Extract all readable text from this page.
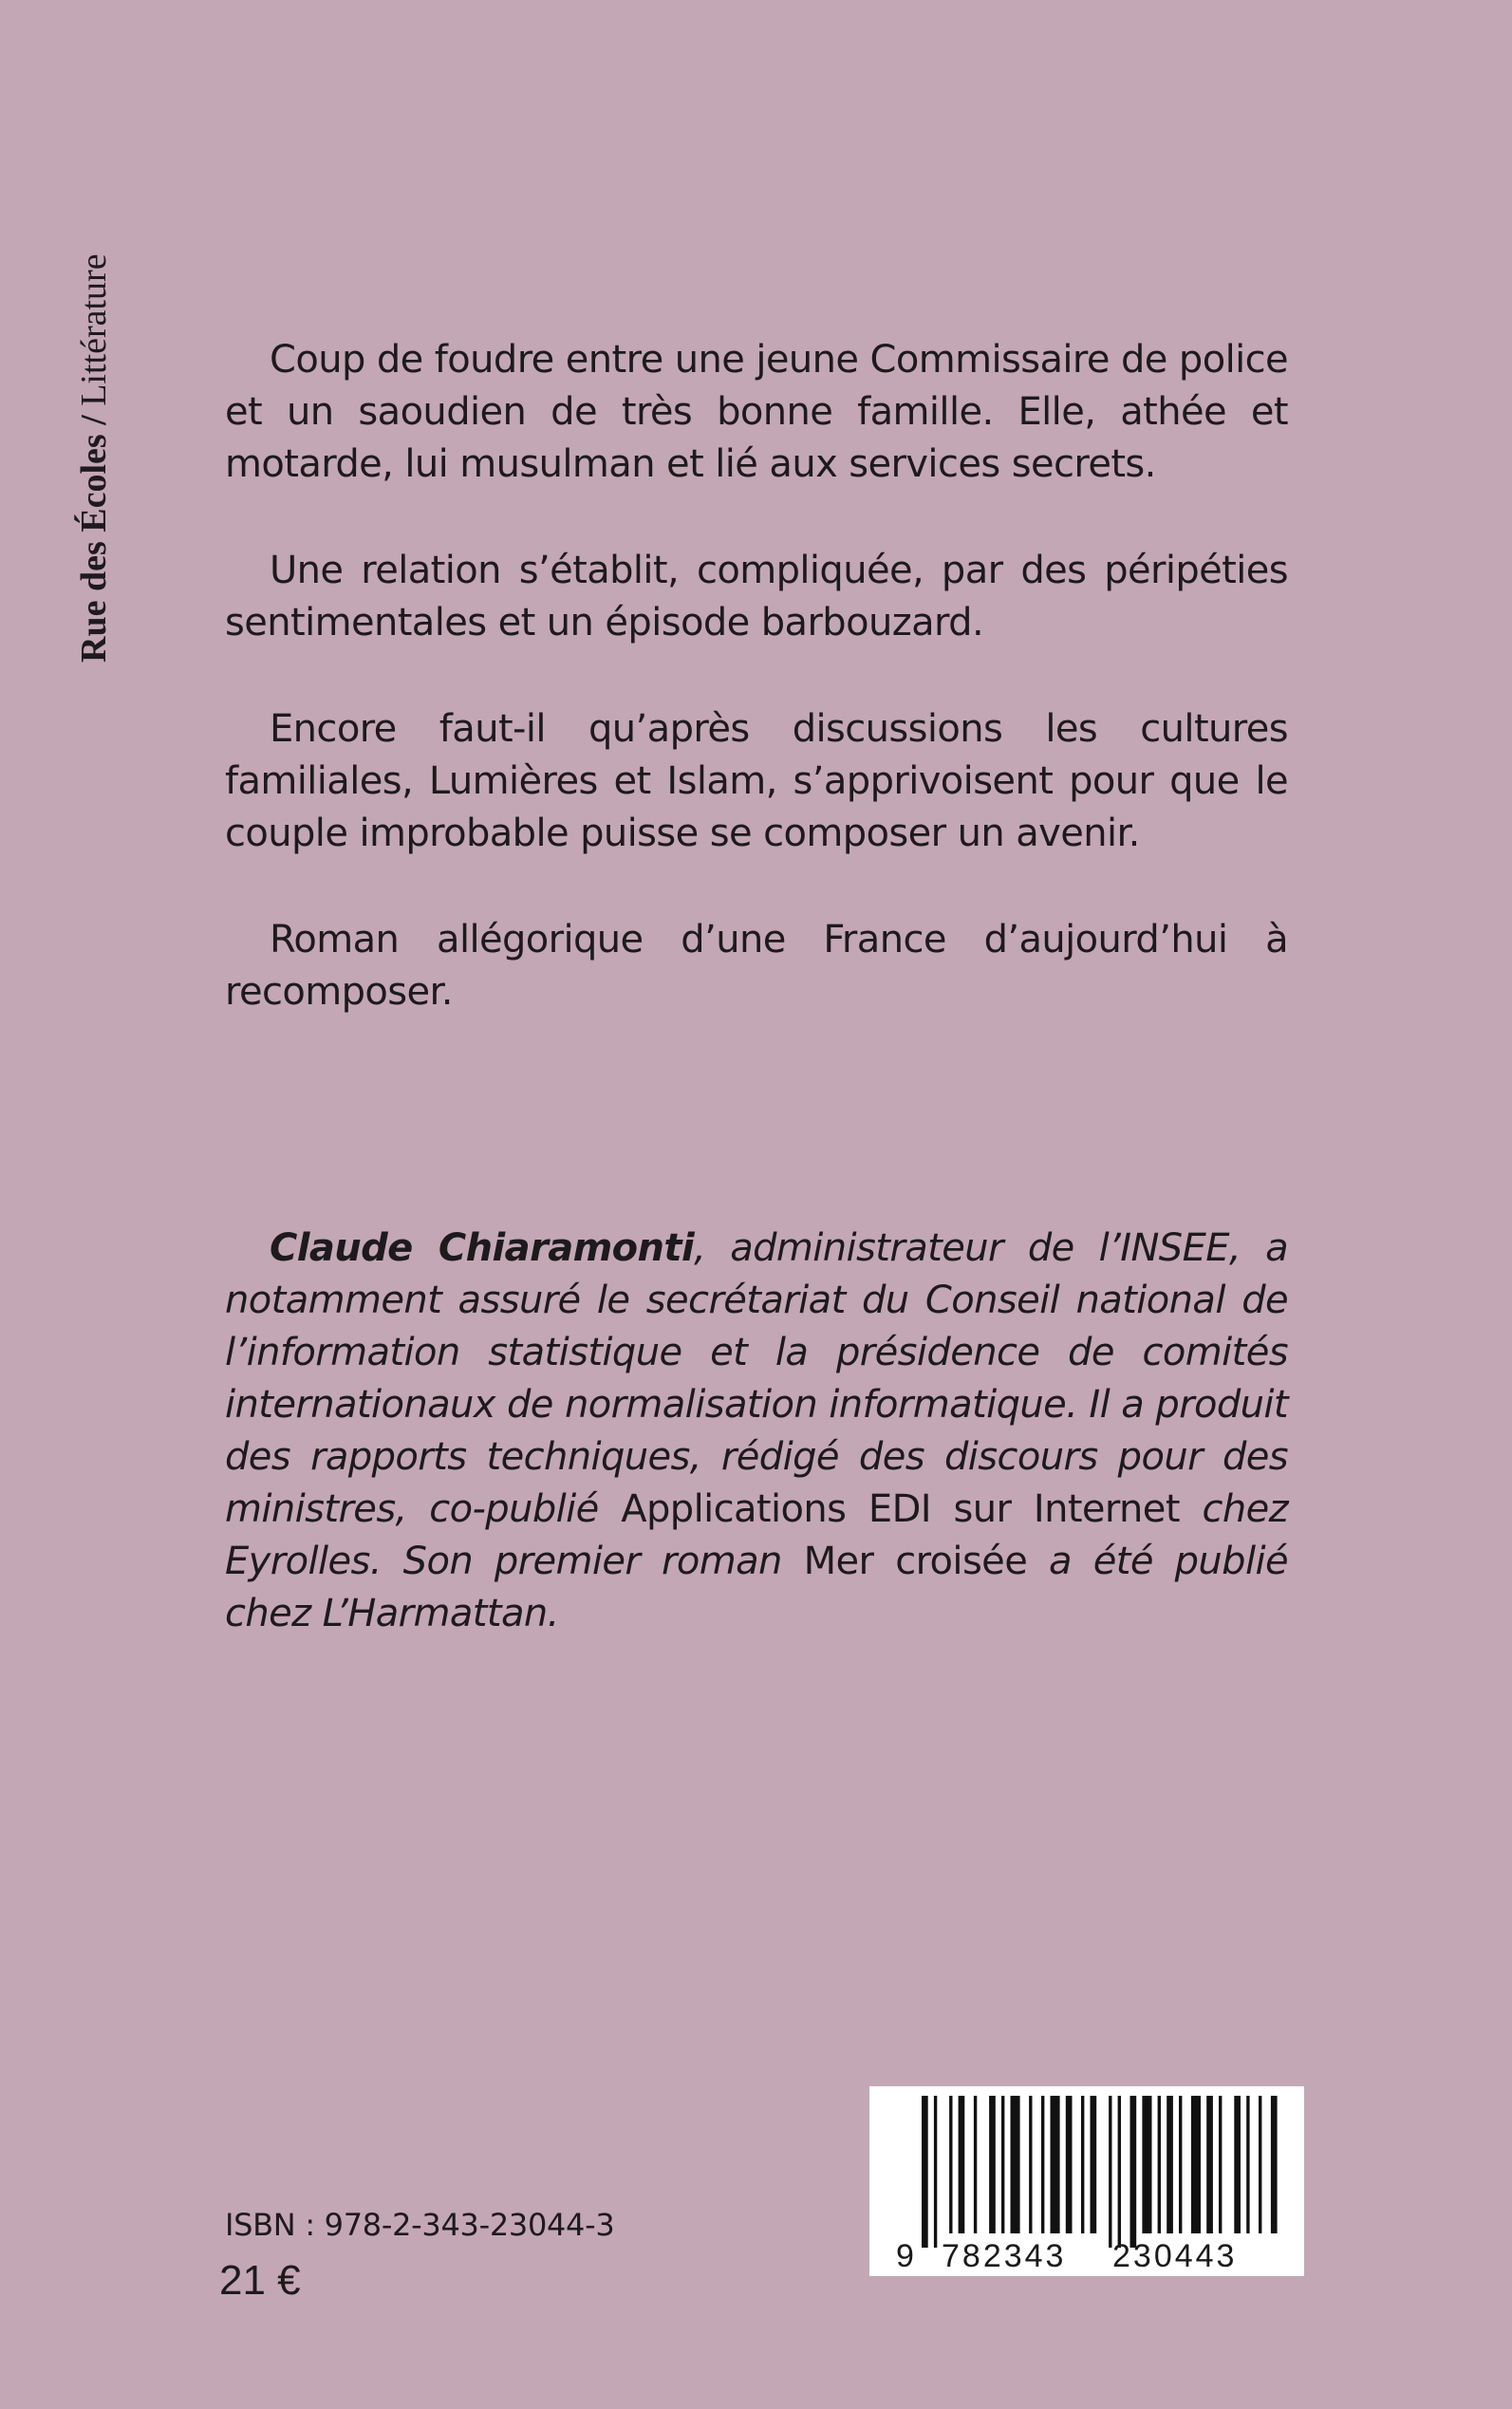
Rue des Écoles / Littérature	Coup de foudre entre une jeune Commissaire de police et un saoudien de très bonne famille. Elle, athée et motarde, lui musulman et lié aux services secrets.

Une relation s’établit, compliquée, par des péripéties sentimentales et un épisode barbouzard.

Encore faut-il qu’après discussions les cultures familiales, Lumières et Islam, s’apprivoisent pour que le couple improbable puisse se composer un avenir.

Roman allégorique d’une France d’aujourd’hui à recomposer.

Claude Chiaramonti, administrateur de l’INSEE, a notamment assuré le secrétariat du Conseil national de l’information statistique et la présidence de comités internationaux de normalisation informatique. Il a produit des rapports techniques, rédigé des discours pour des ministres, co-publié Applications EDI sur Internet chez Eyrolles. Son premier roman Mer croisée a été publié chez L’Harmattan.

ISBN : 978-2-343-23044-3
21 €
9 782343 230443
